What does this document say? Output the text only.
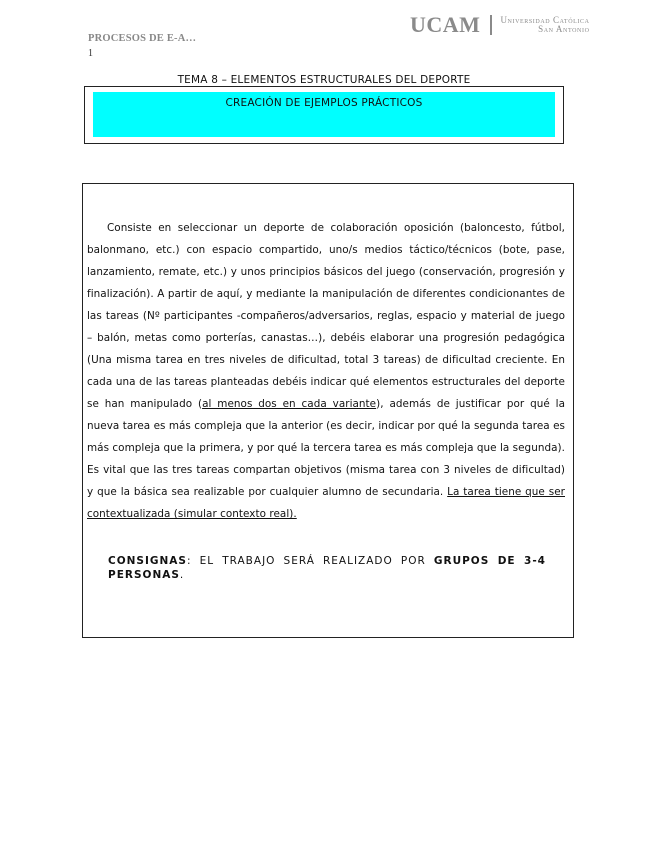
PROCESOS DE E-A…
1
UCAM Universidad Católica
San Antonio
TEMA 8 – ELEMENTOS ESTRUCTURALES DEL DEPORTE
CREACIÓN DE EJEMPLOS PRÁCTICOS
Consiste en seleccionar un deporte de colaboración oposición (baloncesto, fútbol, balonmano, etc.) con espacio compartido, uno/s medios táctico/técnicos (bote, pase, lanzamiento, remate, etc.) y unos principios básicos del juego (conservación, progresión y finalización). A partir de aquí, y mediante la manipulación de diferentes condicionantes de las tareas (Nº participantes -compañeros/adversarios, reglas, espacio y material de juego – balón, metas como porterías, canastas…), debéis elaborar una progresión pedagógica (Una misma tarea en tres niveles de dificultad, total 3 tareas) de dificultad creciente. En cada una de las tareas planteadas debéis indicar qué elementos estructurales del deporte se han manipulado (al menos dos en cada variante), además de justificar por qué la nueva tarea es más compleja que la anterior (es decir, indicar por qué la segunda tarea es más compleja que la primera, y por qué la tercera tarea es más compleja que la segunda). Es vital que las tres tareas compartan objetivos (misma tarea con 3 niveles de dificultad) y que la básica sea realizable por cualquier alumno de secundaria. La tarea tiene que ser contextualizada (simular contexto real).
CONSIGNAS: EL TRABAJO SERÁ REALIZADO POR GRUPOS DE 3-4 PERSONAS.
